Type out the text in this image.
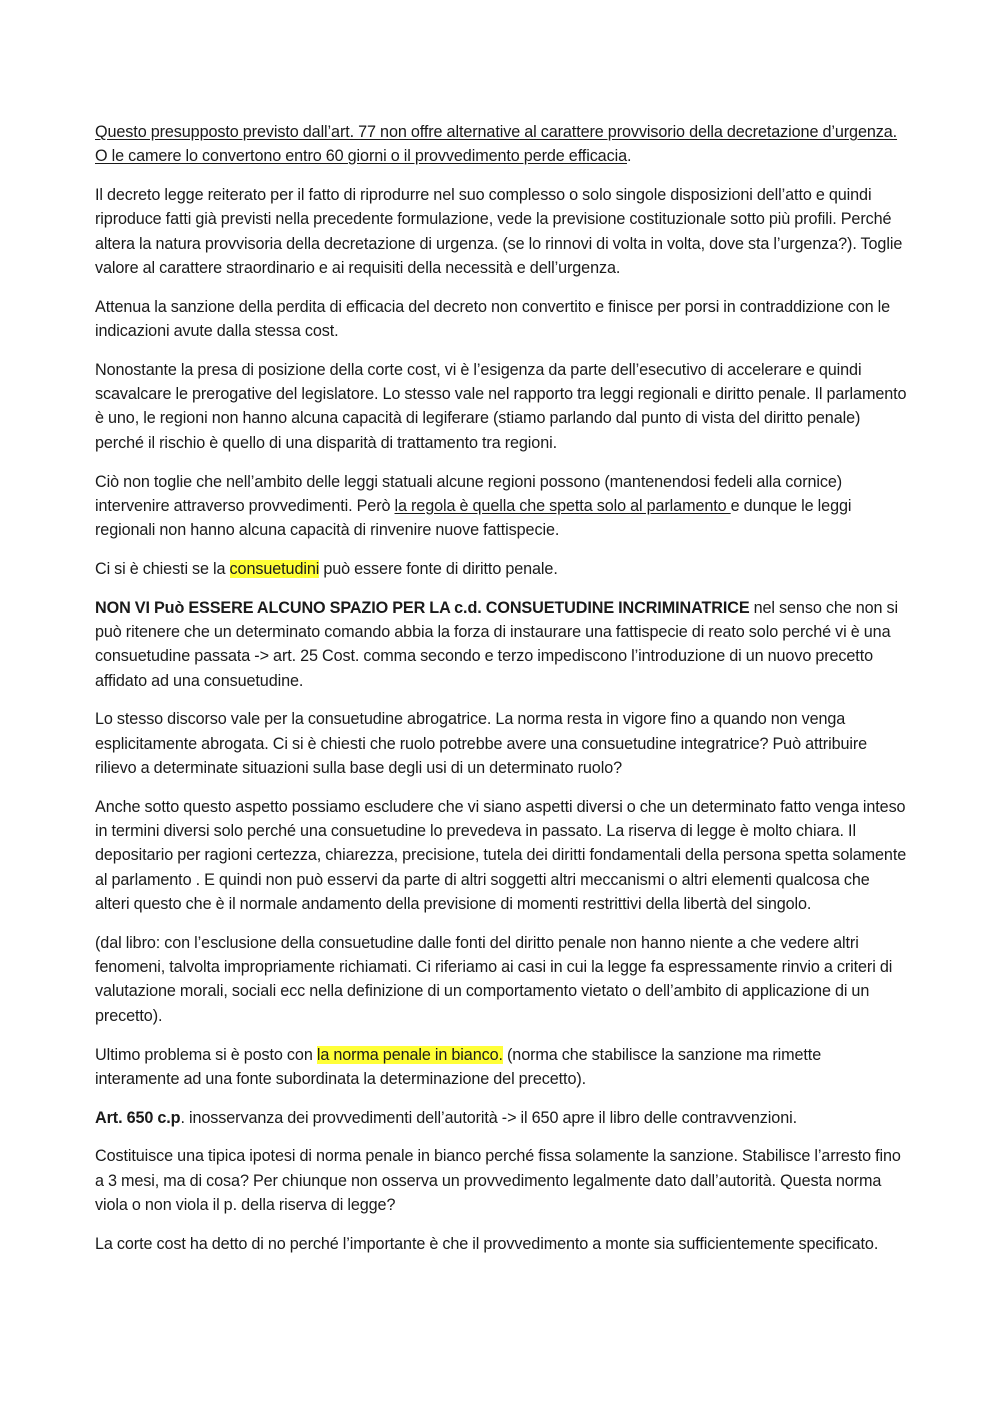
Questo presupposto previsto dall’art. 77 non offre alternative al carattere provvisorio della decretazione d’urgenza. O le camere lo convertono entro 60 giorni o il provvedimento perde efficacia.

Il decreto legge reiterato per il fatto di riprodurre nel suo complesso o solo singole disposizioni dell’atto e quindi riproduce fatti già previsti nella precedente formulazione, vede la previsione costituzionale sotto più profili. Perché altera la natura provvisoria della decretazione di urgenza. (se lo rinnovi di volta in volta, dove sta l’urgenza?). Toglie valore al carattere straordinario e ai requisiti della necessità e dell’urgenza.

Attenua la sanzione della perdita di efficacia del decreto non convertito e finisce per porsi in contraddizione con le indicazioni avute dalla stessa cost.

Nonostante la presa di posizione della corte cost, vi è l’esigenza da parte dell’esecutivo di accelerare e quindi scavalcare le prerogative del legislatore. Lo stesso vale nel rapporto tra leggi regionali e diritto penale. Il parlamento è uno, le regioni non hanno alcuna capacità di legiferare (stiamo parlando dal punto di vista del diritto penale) perché il rischio è quello di una disparità di trattamento tra regioni.

Ciò non toglie che nell’ambito delle leggi statuali alcune regioni possono (mantenendosi fedeli alla cornice) intervenire attraverso provvedimenti. Però la regola è quella che spetta solo al parlamento e dunque le leggi regionali non hanno alcuna capacità di rinvenire nuove fattispecie.

Ci si è chiesti se la consuetudini può essere fonte di diritto penale.

NON VI Può ESSERE ALCUNO SPAZIO PER LA c.d. CONSUETUDINE INCRIMINATRICE nel senso che non si può ritenere che un determinato comando abbia la forza di instaurare una fattispecie di reato solo perché vi è una consuetudine passata -> art. 25 Cost. comma secondo e terzo impediscono l’introduzione di un nuovo precetto affidato ad una consuetudine.

Lo stesso discorso vale per la consuetudine abrogatrice. La norma resta in vigore fino a quando non venga esplicitamente abrogata. Ci si è chiesti che ruolo potrebbe avere una consuetudine integratrice? Può attribuire rilievo a determinate situazioni sulla base degli usi di un determinato ruolo?

Anche sotto questo aspetto possiamo escludere che vi siano aspetti diversi o che un determinato fatto venga inteso in termini diversi solo perché una consuetudine lo prevedeva in passato. La riserva di legge è molto chiara. Il depositario per ragioni certezza, chiarezza, precisione, tutela dei diritti fondamentali della persona spetta solamente al parlamento . E quindi non può esservi da parte di altri soggetti altri meccanismi o altri elementi qualcosa che alteri questo che è il normale andamento della previsione di momenti restrittivi della libertà del singolo.

(dal libro: con l’esclusione della consuetudine dalle fonti del diritto penale non hanno niente a che vedere altri fenomeni, talvolta impropriamente richiamati. Ci riferiamo ai casi in cui la legge fa espressamente rinvio a criteri di valutazione morali, sociali ecc nella definizione di un comportamento vietato o dell’ambito di applicazione di un precetto).

Ultimo problema si è posto con la norma penale in bianco. (norma che stabilisce la sanzione ma rimette interamente ad una fonte subordinata la determinazione del precetto).

Art. 650 c.p. inosservanza dei provvedimenti dell’autorità -> il 650 apre il libro delle contravvenzioni.

Costituisce una tipica ipotesi di norma penale in bianco perché fissa solamente la sanzione. Stabilisce l’arresto fino a 3 mesi, ma di cosa? Per chiunque non osserva un provvedimento legalmente dato dall’autorità. Questa norma viola o non viola il p. della riserva di legge?

La corte cost ha detto di no perché l’importante è che il provvedimento a monte sia sufficientemente specificato.
